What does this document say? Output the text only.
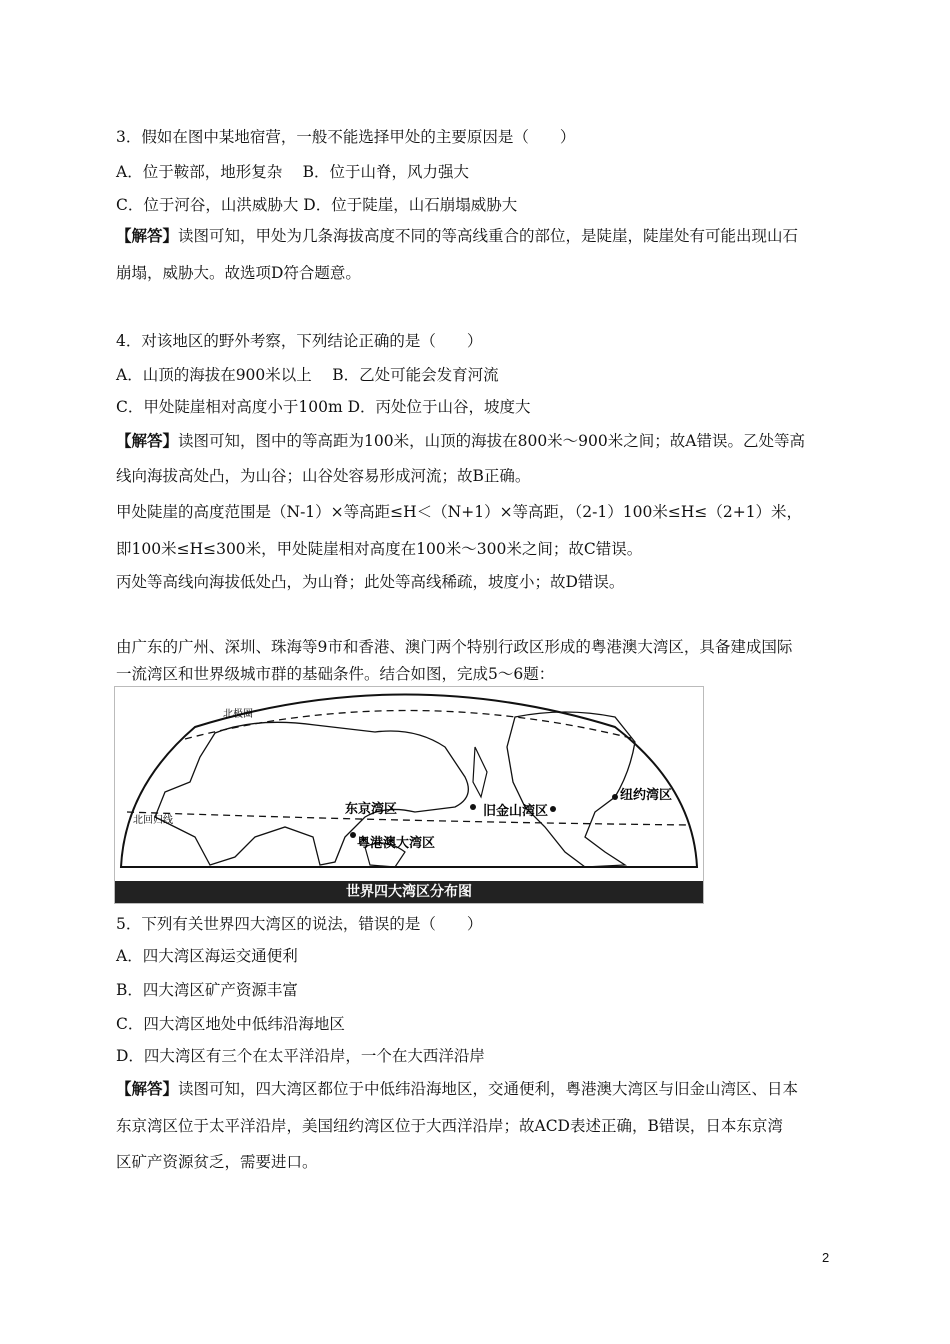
3．假如在图中某地宿营，一般不能选择甲处的主要原因是（　　）
A．位于鞍部，地形复杂　 B．位于山脊，风力强大
C．位于河谷，山洪威胁大 D．位于陡崖，山石崩塌威胁大
【解答】读图可知，甲处为几条海拔高度不同的等高线重合的部位，是陡崖，陡崖处有可能出现山石
崩塌，威胁大。故选项D符合题意。
4．对该地区的野外考察，下列结论正确的是（　　）
A．山顶的海拔在900米以上　 B．乙处可能会发育河流
C．甲处陡崖相对高度小于100m D．丙处位于山谷，坡度大
【解答】读图可知，图中的等高距为100米，山顶的海拔在800米～900米之间；故A错误。乙处等高
线向海拔高处凸，为山谷；山谷处容易形成河流；故B正确。
甲处陡崖的高度范围是（N-1）×等高距≤H＜（N+1）×等高距，（2-1）100米≤H≤（2+1）米，
即100米≤H≤300米，甲处陡崖相对高度在100米～300米之间；故C错误。
丙处等高线向海拔低处凸，为山脊；此处等高线稀疏，坡度小；故D错误。
由广东的广州、深圳、珠海等9市和香港、澳门两个特别行政区形成的粤港澳大湾区，具备建成国际
一流湾区和世界级城市群的基础条件。结合如图，完成5～6题：
东京湾区	旧金山湾区
纽约湾区
粤港澳大湾区
北极圈
北回归线
世界四大湾区分布图
5．下列有关世界四大湾区的说法，错误的是（　　）
A．四大湾区海运交通便利
B．四大湾区矿产资源丰富
C．四大湾区地处中低纬沿海地区
D．四大湾区有三个在太平洋沿岸，一个在大西洋沿岸
【解答】读图可知，四大湾区都位于中低纬沿海地区，交通便利，粤港澳大湾区与旧金山湾区、日本
东京湾区位于太平洋沿岸，美国纽约湾区位于大西洋沿岸；故ACD表述正确，B错误，日本东京湾
区矿产资源贫乏，需要进口。
2
